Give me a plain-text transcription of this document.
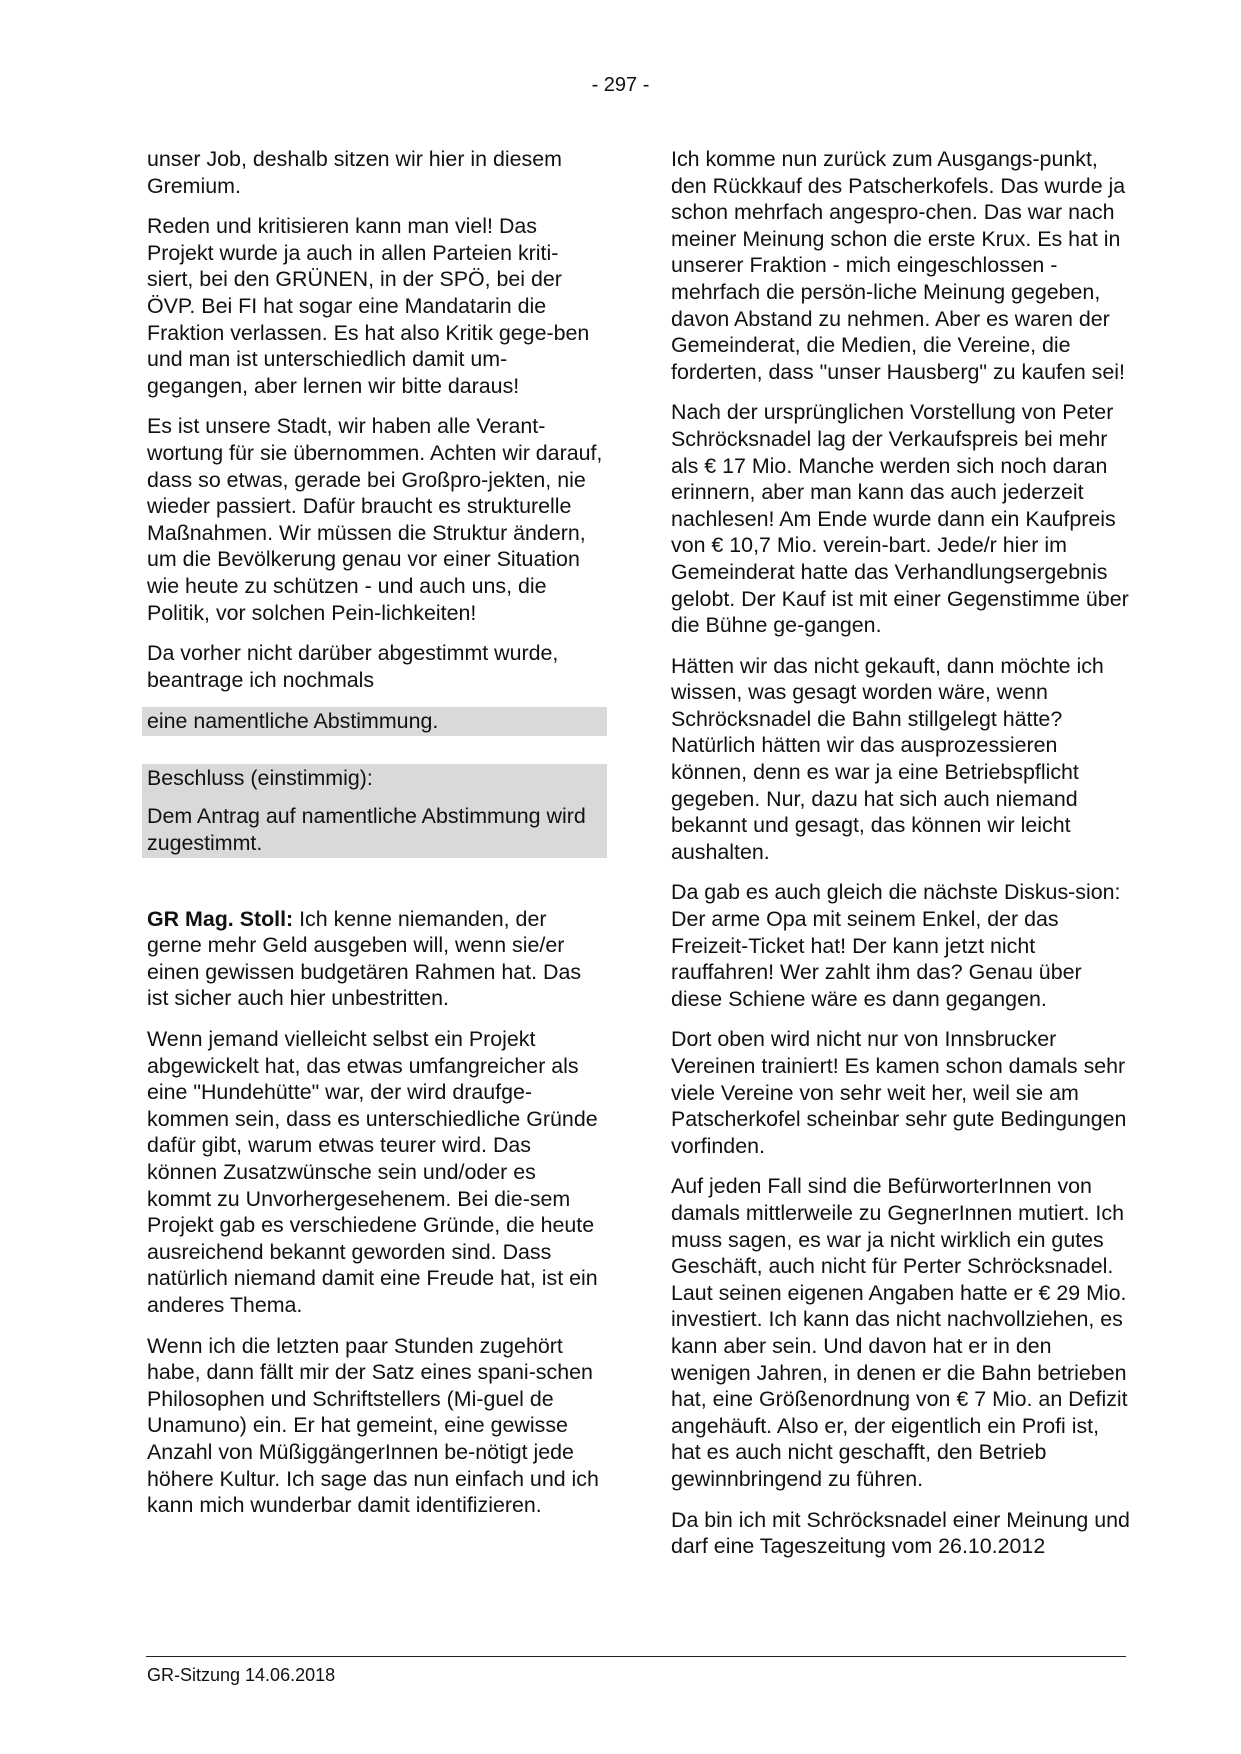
- 297 -

unser Job, deshalb sitzen wir hier in diesem Gremium.

Reden und kritisieren kann man viel! Das Projekt wurde ja auch in allen Parteien kriti-siert, bei den GRÜNEN, in der SPÖ, bei der ÖVP. Bei FI hat sogar eine Mandatarin die Fraktion verlassen. Es hat also Kritik gege-ben und man ist unterschiedlich damit um-gegangen, aber lernen wir bitte daraus!

Es ist unsere Stadt, wir haben alle Verant-wortung für sie übernommen. Achten wir darauf, dass so etwas, gerade bei Großpro-jekten, nie wieder passiert. Dafür braucht es strukturelle Maßnahmen. Wir müssen die Struktur ändern, um die Bevölkerung genau vor einer Situation wie heute zu schützen - und auch uns, die Politik, vor solchen Pein-lichkeiten!

Da vorher nicht darüber abgestimmt wurde, beantrage ich nochmals

eine namentliche Abstimmung.

Beschluss (einstimmig):

Dem Antrag auf namentliche Abstimmung wird zugestimmt.

GR Mag. Stoll: Ich kenne niemanden, der gerne mehr Geld ausgeben will, wenn sie/er einen gewissen budgetären Rahmen hat. Das ist sicher auch hier unbestritten.

Wenn jemand vielleicht selbst ein Projekt abgewickelt hat, das etwas umfangreicher als eine "Hundehütte" war, der wird draufge-kommen sein, dass es unterschiedliche Gründe dafür gibt, warum etwas teurer wird. Das können Zusatzwünsche sein und/oder es kommt zu Unvorhergesehenem. Bei die-sem Projekt gab es verschiedene Gründe, die heute ausreichend bekannt geworden sind. Dass natürlich niemand damit eine Freude hat, ist ein anderes Thema.

Wenn ich die letzten paar Stunden zugehört habe, dann fällt mir der Satz eines spani-schen Philosophen und Schriftstellers (Mi-guel de Unamuno) ein. Er hat gemeint, eine gewisse Anzahl von MüßiggängerInnen be-nötigt jede höhere Kultur. Ich sage das nun einfach und ich kann mich wunderbar damit identifizieren.

Ich komme nun zurück zum Ausgangs-punkt, den Rückkauf des Patscherkofels. Das wurde ja schon mehrfach angespro-chen. Das war nach meiner Meinung schon die erste Krux. Es hat in unserer Fraktion - mich eingeschlossen - mehrfach die persön-liche Meinung gegeben, davon Abstand zu nehmen. Aber es waren der Gemeinderat, die Medien, die Vereine, die forderten, dass "unser Hausberg" zu kaufen sei!

Nach der ursprünglichen Vorstellung von Peter Schröcksnadel lag der Verkaufspreis bei mehr als € 17 Mio. Manche werden sich noch daran erinnern, aber man kann das auch jederzeit nachlesen! Am Ende wurde dann ein Kaufpreis von € 10,7 Mio. verein-bart. Jede/r hier im Gemeinderat hatte das Verhandlungsergebnis gelobt. Der Kauf ist mit einer Gegenstimme über die Bühne ge-gangen.

Hätten wir das nicht gekauft, dann möchte ich wissen, was gesagt worden wäre, wenn Schröcksnadel die Bahn stillgelegt hätte? Natürlich hätten wir das ausprozessieren können, denn es war ja eine Betriebspflicht gegeben. Nur, dazu hat sich auch niemand bekannt und gesagt, das können wir leicht aushalten.

Da gab es auch gleich die nächste Diskus-sion: Der arme Opa mit seinem Enkel, der das Freizeit-Ticket hat! Der kann jetzt nicht rauffahren! Wer zahlt ihm das? Genau über diese Schiene wäre es dann gegangen.

Dort oben wird nicht nur von Innsbrucker Vereinen trainiert! Es kamen schon damals sehr viele Vereine von sehr weit her, weil sie am Patscherkofel scheinbar sehr gute Bedingungen vorfinden.

Auf jeden Fall sind die BefürworterInnen von damals mittlerweile zu GegnerInnen mutiert. Ich muss sagen, es war ja nicht wirklich ein gutes Geschäft, auch nicht für Perter Schröcksnadel. Laut seinen eigenen Angaben hatte er € 29 Mio. investiert. Ich kann das nicht nachvollziehen, es kann aber sein. Und davon hat er in den wenigen Jahren, in denen er die Bahn betrieben hat, eine Größenordnung von € 7 Mio. an Defizit angehäuft. Also er, der eigentlich ein Profi ist, hat es auch nicht geschafft, den Betrieb gewinnbringend zu führen.

Da bin ich mit Schröcksnadel einer Meinung und darf eine Tageszeitung vom 26.10.2012

GR-Sitzung 14.06.2018
